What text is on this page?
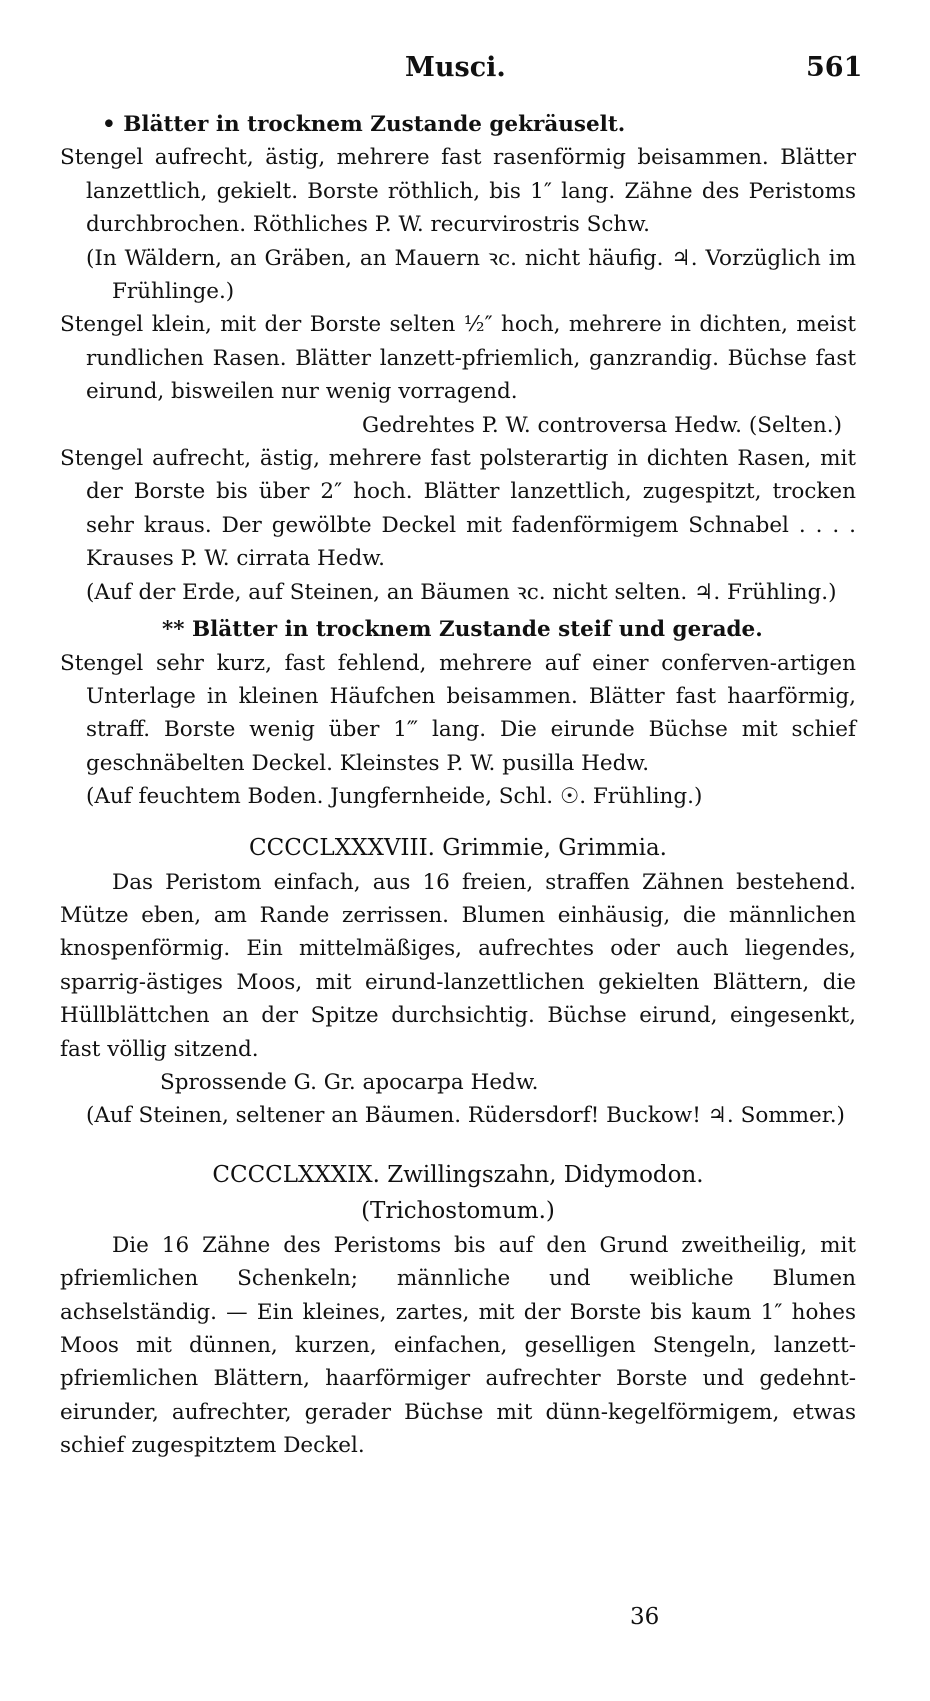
Musci.	561

• Blätter in trocknem Zustande gekräuselt.

Stengel aufrecht, ästig, mehrere fast rasenförmig beisammen. Blätter lanzettlich, gekielt. Borste röthlich, bis 1″ lang. Zähne des Peristoms durchbrochen. Röthliches P. W. recurvirostris Schw.

(In Wäldern, an Gräben, an Mauern ꝛc. nicht häufig. ♃. Vorzüglich im Frühlinge.)

Stengel klein, mit der Borste selten ½″ hoch, mehrere in dichten, meist rundlichen Rasen. Blätter lanzett-pfriemlich, ganzrandig. Büchse fast eirund, bisweilen nur wenig vorragend.

Gedrehtes P. W. controversa Hedw. (Selten.)

Stengel aufrecht, ästig, mehrere fast polsterartig in dichten Rasen, mit der Borste bis über 2″ hoch. Blätter lanzettlich, zugespitzt, trocken sehr kraus. Der gewölbte Deckel mit fadenförmigem Schnabel . . . . Krauses P. W. cirrata Hedw.

(Auf der Erde, auf Steinen, an Bäumen ꝛc. nicht selten. ♃. Frühling.)

** Blätter in trocknem Zustande steif und gerade.

Stengel sehr kurz, fast fehlend, mehrere auf einer conferven-artigen Unterlage in kleinen Häufchen beisammen. Blätter fast haarförmig, straff. Borste wenig über 1‴ lang. Die eirunde Büchse mit schief geschnäbelten Deckel. Kleinstes P. W. pusilla Hedw.

(Auf feuchtem Boden. Jungfernheide, Schl. ☉. Frühling.)

CCCCLXXXVIII. Grimmie, Grimmia.

Das Peristom einfach, aus 16 freien, straffen Zähnen bestehend. Mütze eben, am Rande zerrissen. Blumen einhäusig, die männlichen knospenförmig. Ein mittelmäßiges, aufrechtes oder auch liegendes, sparrig-ästiges Moos, mit eirund-lanzettlichen gekielten Blättern, die Hüllblättchen an der Spitze durchsichtig. Büchse eirund, eingesenkt, fast völlig sitzend.

Sprossende G. Gr. apocarpa Hedw.

(Auf Steinen, seltener an Bäumen. Rüdersdorf! Buckow! ♃. Sommer.)

CCCCLXXXIX. Zwillingszahn, Didymodon.

(Trichostomum.)

Die 16 Zähne des Peristoms bis auf den Grund zweitheilig, mit pfriemlichen Schenkeln; männliche und weibliche Blumen achselständig. — Ein kleines, zartes, mit der Borste bis kaum 1″ hohes Moos mit dünnen, kurzen, einfachen, geselligen Stengeln, lanzett-pfriemlichen Blättern, haarförmiger aufrechter Borste und gedehnt-eirunder, aufrechter, gerader Büchse mit dünn-kegelförmigem, etwas schief zugespitztem Deckel.

36
